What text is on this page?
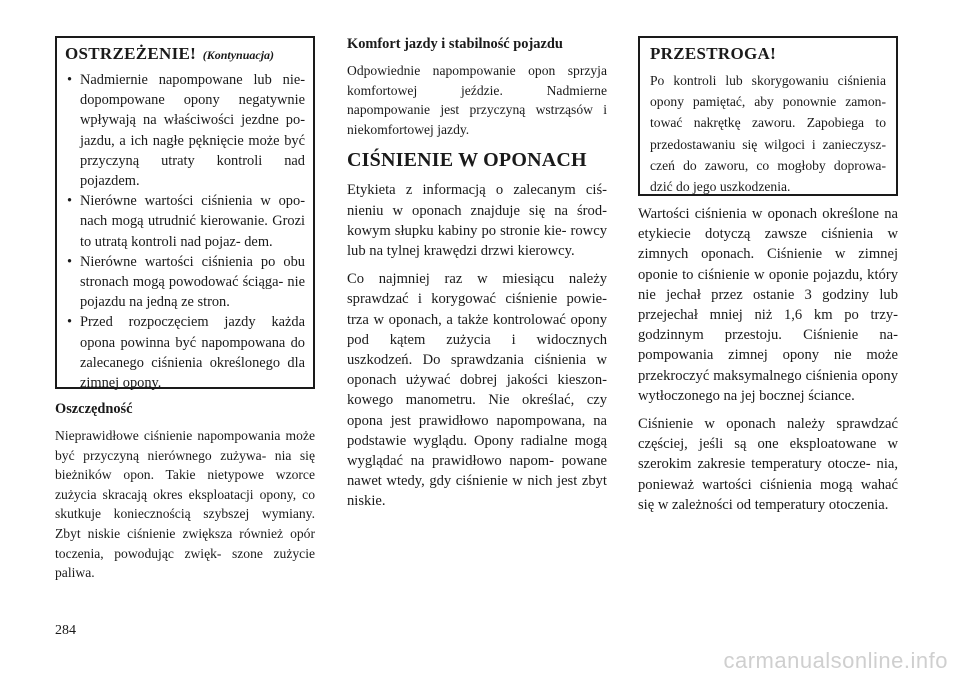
OSTRZEŻENIE! (Kontynuacja)
• Nadmiernie napompowane lub nie- dopompowane opony negatywnie wpływają na właściwości jezdne po- jazdu, a ich nagłe pęknięcie może być przyczyną utraty kontroli nad pojazdem.
• Nierówne wartości ciśnienia w opo- nach mogą utrudnić kierowanie. Grozi to utratą kontroli nad pojaz- dem.
• Nierówne wartości ciśnienia po obu stronach mogą powodować ściąga- nie pojazdu na jedną ze stron.
• Przed rozpoczęciem jazdy każda opona powinna być napompowana do zalecanego ciśnienia określonego dla zimnej opony.
Oszczędność

Nieprawidłowe ciśnienie napompowania może być przyczyną nierównego zużywa- nia się bieżników opon. Takie nietypowe wzorce zużycia skracają okres eksploatacji opony, co skutkuje koniecznością szybszej wymiany. Zbyt niskie ciśnienie zwiększa również opór toczenia, powodując zwięk- szone zużycie paliwa.

Komfort jazdy i stabilność pojazdu

Odpowiednie napompowanie opon sprzyja komfortowej jeździe. Nadmierne napompowanie jest przyczyną wstrząsów i niekomfortowej jazdy.

CIŚNIENIE W OPONACH

Etykieta z informacją o zalecanym ciś- nieniu w oponach znajduje się na środ- kowym słupku kabiny po stronie kie- rowcy lub na tylnej krawędzi drzwi kierowcy.

Co najmniej raz w miesiącu należy sprawdzać i korygować ciśnienie powie- trza w oponach, a także kontrolować opony pod kątem zużycia i widocznych uszkodzeń. Do sprawdzania ciśnienia w oponach używać dobrej jakości kieszon- kowego manometru. Nie określać, czy opona jest prawidłowo napompowana, na podstawie wyglądu. Opony radialne mogą wyglądać na prawidłowo napom- powane nawet wtedy, gdy ciśnienie w nich jest zbyt niskie.

PRZESTROGA!

Po kontroli lub skorygowaniu ciśnienia opony pamiętać, aby ponownie zamon- tować nakrętkę zaworu. Zapobiega to przedostawaniu się wilgoci i zanieczysz- czeń do zaworu, co mogłoby doprowa- dzić do jego uszkodzenia.

Wartości ciśnienia w oponach określone na etykiecie dotyczą zawsze ciśnienia w zimnych oponach. Ciśnienie w zimnej oponie to ciśnienie w oponie pojazdu, który nie jechał przez ostanie 3 godziny lub przejechał mniej niż 1,6 km po trzy- godzinnym przestoju. Ciśnienie na- pompowania zimnej opony nie może przekroczyć maksymalnego ciśnienia opony wytłoczonego na jej bocznej ściance.

Ciśnienie w oponach należy sprawdzać częściej, jeśli są one eksploatowane w szerokim zakresie temperatury otocze- nia, ponieważ wartości ciśnienia mogą wahać się w zależności od temperatury otoczenia.

284
carmanualsonline.info
